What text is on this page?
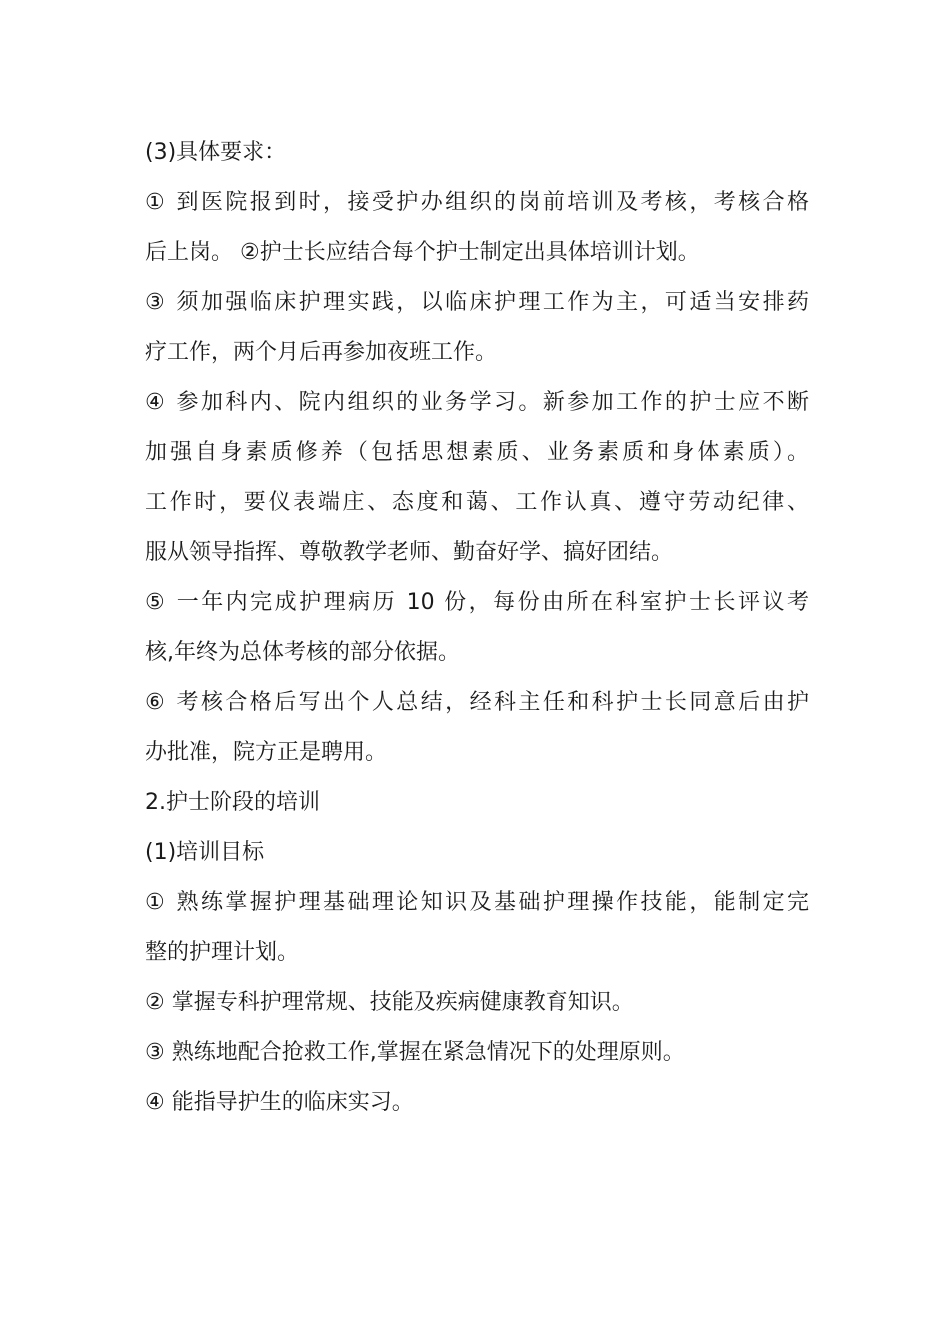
(3)具体要求：
① 到医院报到时，接受护办组织的岗前培训及考核，考核合格
后上岗。 ②护士长应结合每个护士制定出具体培训计划。
③ 须加强临床护理实践，以临床护理工作为主，可适当安排药
疗工作，两个月后再参加夜班工作。
④ 参加科内、院内组织的业务学习。新参加工作的护士应不断
加强自身素质修养（包括思想素质、业务素质和身体素质）。
工作时，要仪表端庄、态度和蔼、工作认真、遵守劳动纪律、
服从领导指挥、尊敬教学老师、勤奋好学、搞好团结。
⑤ 一年内完成护理病历 10 份，每份由所在科室护士长评议考
核,年终为总体考核的部分依据。
⑥ 考核合格后写出个人总结，经科主任和科护士长同意后由护
办批准，院方正是聘用。
2.护士阶段的培训
(1)培训目标
① 熟练掌握护理基础理论知识及基础护理操作技能，能制定完
整的护理计划。
② 掌握专科护理常规、技能及疾病健康教育知识。
③ 熟练地配合抢救工作,掌握在紧急情况下的处理原则。
④ 能指导护生的临床实习。
